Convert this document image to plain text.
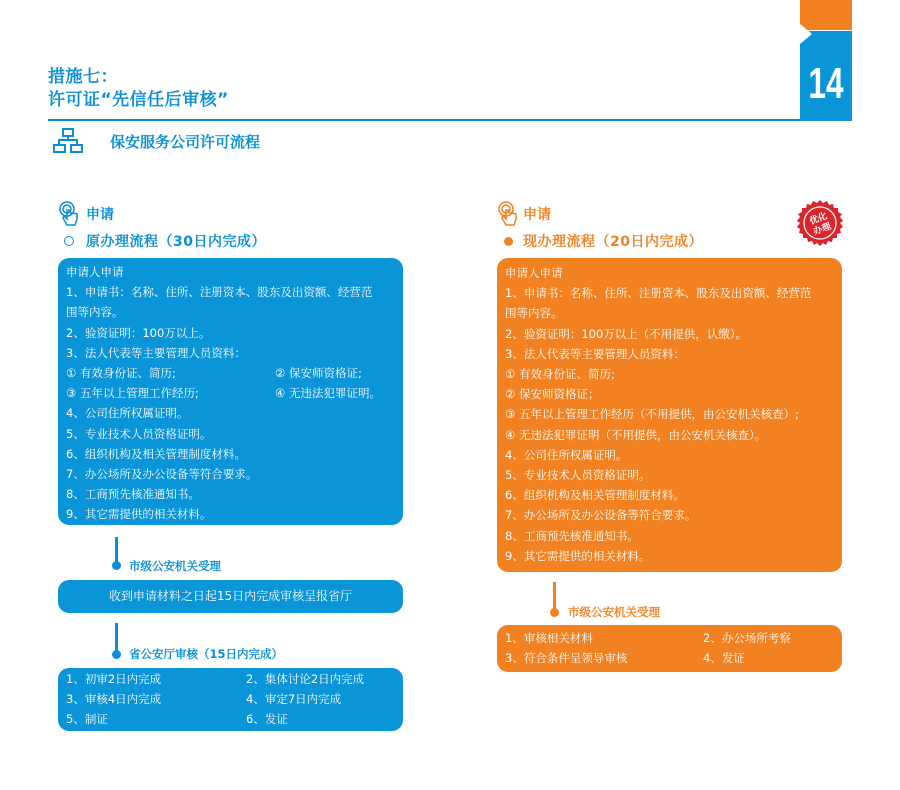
措施七：
许可证“先信任后审核”	14
保安服务公司许可流程
申请
原办理流程（30日内完成）
申请人申请
1、申请书：名称、住所、注册资本、股东及出资额、经营范
围等内容。
2、验资证明：100万以上。
3、法人代表等主要管理人员资料：
① 有效身份证、简历;	② 保安师资格证;
③ 五年以上管理工作经历;	④ 无违法犯罪证明。
4、公司住所权属证明。
5、专业技术人员资格证明。
6、组织机构及相关管理制度材料。
7、办公场所及办公设备等符合要求。
8、工商预先核准通知书。
9、其它需提供的相关材料。
市级公安机关受理
收到申请材料之日起15日内完成审核呈报省厅
省公安厅审核（15日内完成）
1、初审2日内完成	2、集体讨论2日内完成
3、审核4日内完成	4、审定7日内完成
5、制证	6、发证
申请
现办理流程（20日内完成）
优化
办理
申请人申请
1、申请书：名称、住所、注册资本、股东及出资额、经营范
围等内容。
2、验资证明：100万以上（不用提供，认缴）。
3、法人代表等主要管理人员资料：
① 有效身份证、简历;
② 保安师资格证；
③ 五年以上管理工作经历（不用提供，由公安机关核查）;
④ 无违法犯罪证明（不用提供，由公安机关核查）。
4、公司住所权属证明。
5、专业技术人员资格证明。
6、组织机构及相关管理制度材料。
7、办公场所及办公设备等符合要求。
8、工商预先核准通知书。
9、其它需提供的相关材料。
市级公安机关受理
1、审核相关材料	2、办公场所考察
3、符合条件呈领导审核	4、发证
